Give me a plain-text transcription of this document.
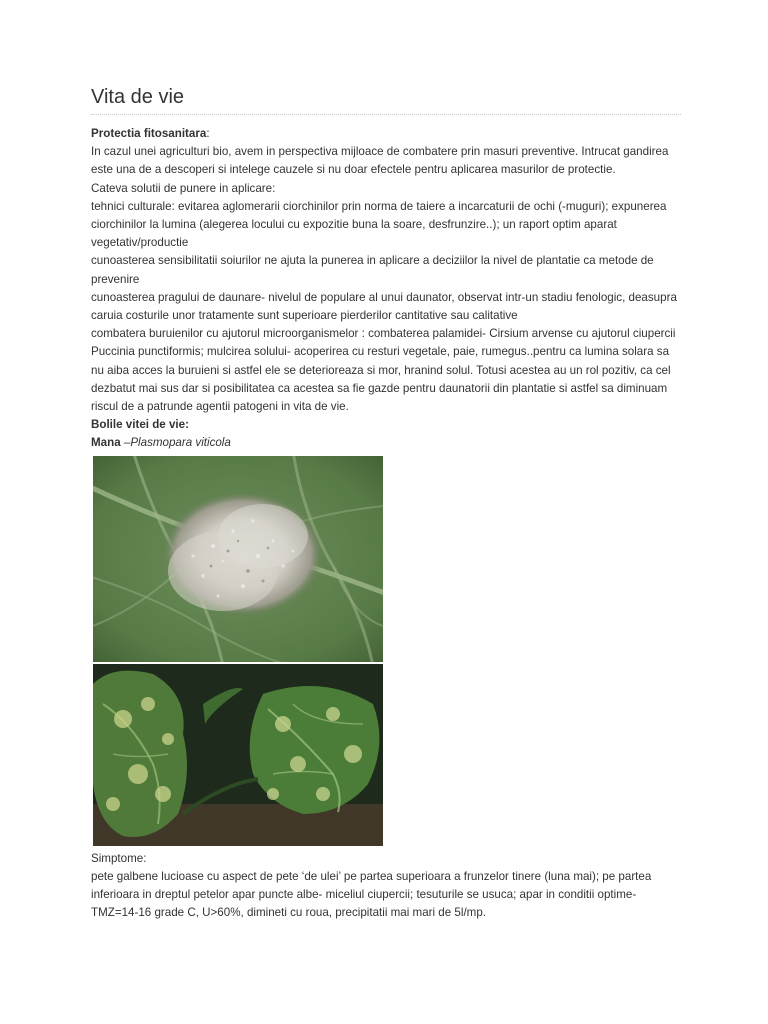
Vita de vie

Protectia fitosanitara:

In cazul unei agriculturi bio, avem in perspectiva mijloace de combatere prin masuri preventive. Intrucat gandirea este una de a descoperi si intelege cauzele si nu doar efectele pentru aplicarea masurilor de protectie.

Cateva solutii de punere in aplicare:

tehnici culturale: evitarea aglomerarii ciorchinilor prin norma de taiere a incarcaturii de ochi (-muguri); expunerea ciorchinilor la lumina (alegerea locului cu expozitie buna la soare, desfrunzire..); un raport optim aparat vegetativ/productie

cunoasterea sensibilitatii soiurilor ne ajuta la punerea in aplicare a deciziilor la nivel de plantatie ca metode de prevenire

cunoasterea pragului de daunare- nivelul de populare al unui daunator, observat intr-un stadiu fenologic, deasupra caruia costurile unor tratamente sunt superioare pierderilor cantitative sau calitative

combatera buruienilor cu ajutorul microorganismelor : combaterea palamidei- Cirsium arvense cu ajutorul ciupercii Puccinia punctiformis; mulcirea solului- acoperirea cu resturi vegetale, paie, rumegus..pentru ca lumina solara sa nu aiba acces la buruieni si astfel ele se deterioreaza si mor, hranind solul. Totusi acestea au un rol pozitiv, ca cel dezbatut mai sus dar si posibilitatea ca acestea sa fie gazde pentru daunatorii din plantatie si astfel sa diminuam riscul de a patrunde agentii patogeni in vita de vie.

Bolile vitei de vie:

Mana –Plasmopara viticola

Simptome:

pete galbene lucioase cu aspect de pete ‘de ulei’ pe partea superioara a frunzelor tinere (luna mai); pe partea inferioara in dreptul petelor apar puncte albe- miceliul ciupercii; tesuturile se usuca; apar in conditii optime- TMZ=14-16 grade C, U>60%, dimineti cu roua, precipitatii mai mari de 5l/mp.
